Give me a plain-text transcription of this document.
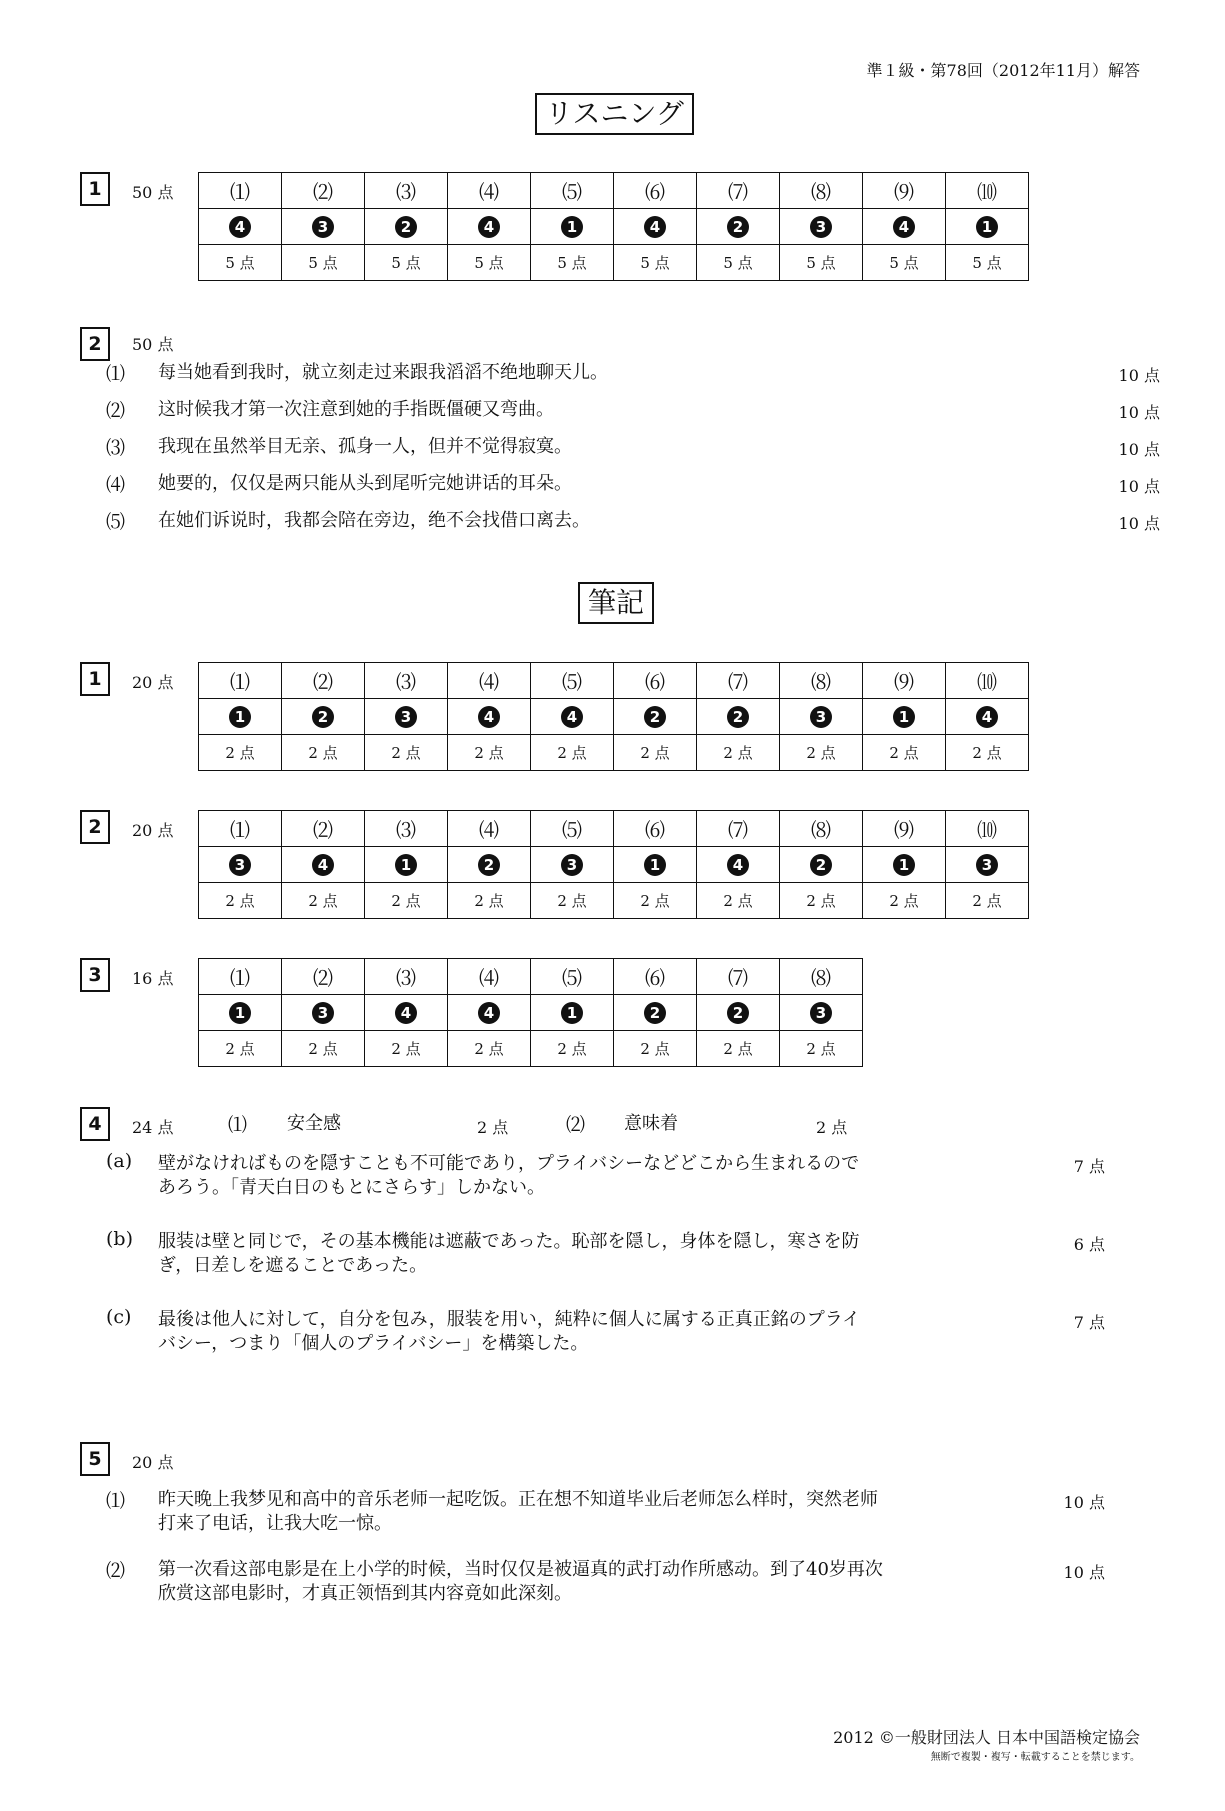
準１級・第78回（2012年11月）解答
リスニング
1	50 点	⑴	⑵	⑶	⑷	⑸	⑹	⑺	⑻	⑼	⑽
4	3	2	4	1	4	2	3	4	1
5 点	5 点	5 点	5 点	5 点	5 点	5 点	5 点	5 点	5 点
2	50 点
⑴ 每当她看到我时，就立刻走过来跟我滔滔不绝地聊天儿。	10 点
⑵ 这时候我才第一次注意到她的手指既僵硬又弯曲。	10 点
⑶ 我现在虽然举目无亲、孤身一人，但并不觉得寂寞。	10 点
⑷ 她要的，仅仅是两只能从头到尾听完她讲话的耳朵。	10 点
⑸ 在她们诉说时，我都会陪在旁边，绝不会找借口离去。	10 点
筆記
1	20 点	⑴	⑵	⑶	⑷	⑸	⑹	⑺	⑻	⑼	⑽
1	2	3	4	4	2	2	3	1	4
2 点	2 点	2 点	2 点	2 点	2 点	2 点	2 点	2 点	2 点
2	20 点	⑴	⑵	⑶	⑷	⑸	⑹	⑺	⑻	⑼	⑽
3	4	1	2	3	1	4	2	1	3
2 点	2 点	2 点	2 点	2 点	2 点	2 点	2 点	2 点	2 点
3	16 点	⑴	⑵	⑶	⑷	⑸	⑹	⑺	⑻
1	3	4	4	1	2	2	3
2 点	2 点	2 点	2 点	2 点	2 点	2 点	2 点
4	24 点	⑴ 安全感	2 点	⑵ 意味着	2 点
(a) 壁がなければものを隠すことも不可能であり，プライバシーなどどこから生まれるので
あろう。「青天白日のもとにさらす」しかない。
7 点
(b) 服装は壁と同じで，その基本機能は遮蔽であった。恥部を隠し，身体を隠し，寒さを防
ぎ，日差しを遮ることであった。
6 点
(c) 最後は他人に対して，自分を包み，服装を用い，純粋に個人に属する正真正銘のプライ
バシー，つまり「個人のプライバシー」を構築した。
7 点
5	20 点
⑴ 昨天晚上我梦见和高中的音乐老师一起吃饭。正在想不知道毕业后老师怎么样时，突然老师
打来了电话，让我大吃一惊。
10 点
⑵ 第一次看这部电影是在上小学的时候，当时仅仅是被逼真的武打动作所感动。到了40岁再次
欣赏这部电影时，才真正领悟到其内容竟如此深刻。
10 点
2012 ©一般財団法人 日本中国語検定協会
無断で複製・複写・転載することを禁じます。
